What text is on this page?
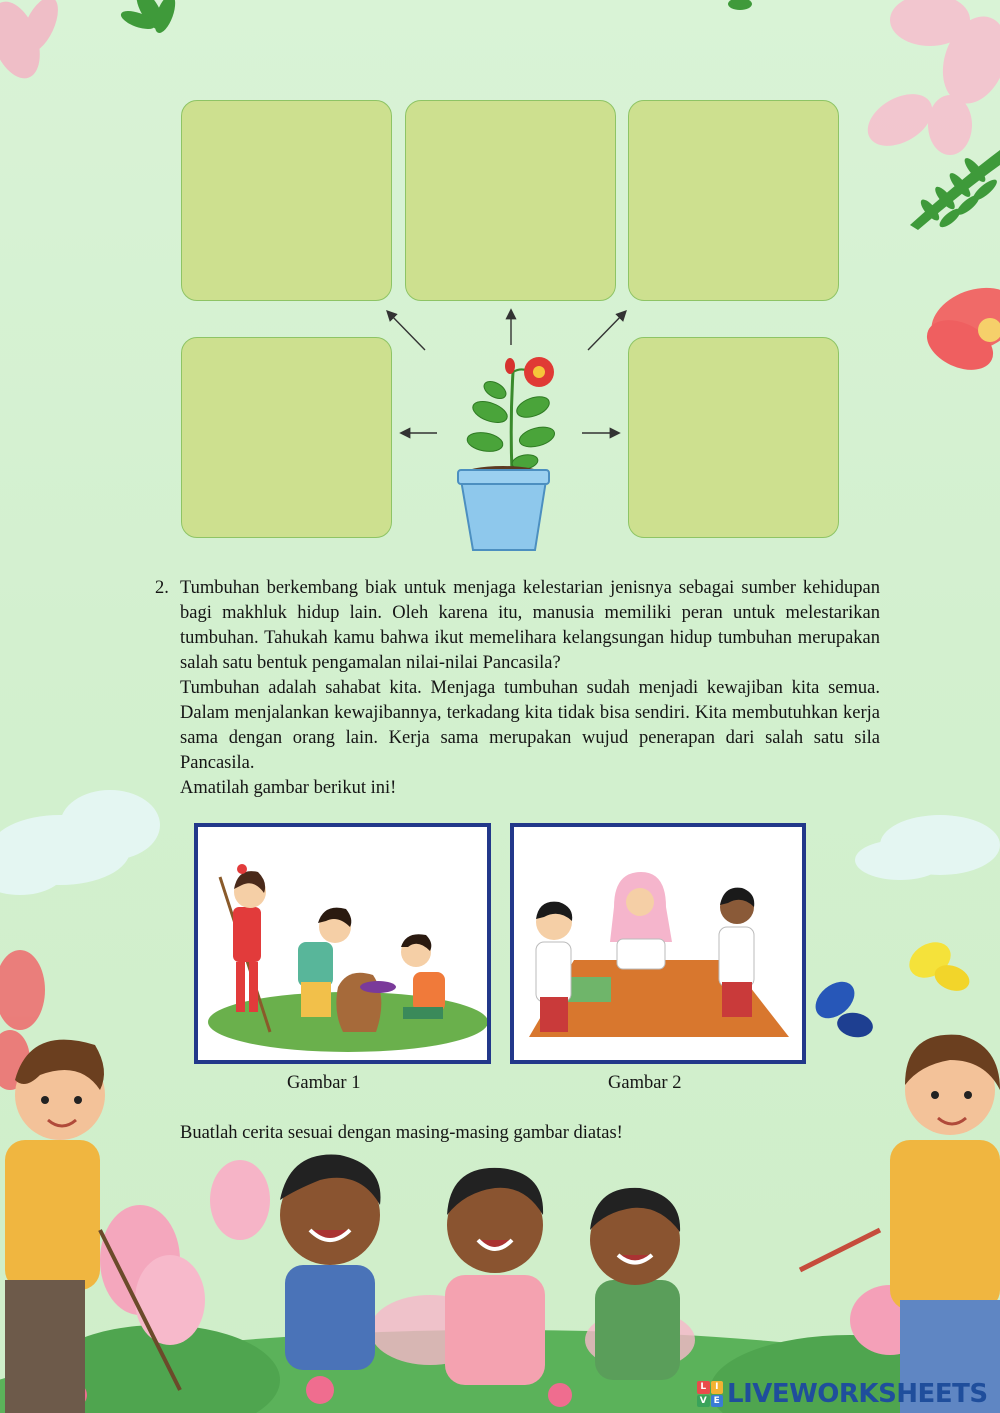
2. Tumbuhan berkembang biak untuk menjaga kelestarian jenisnya sebagai sumber kehidupan bagi makhluk hidup lain. Oleh karena itu, manusia memiliki peran untuk melestarikan tumbuhan. Tahukah kamu bahwa ikut memelihara kelangsungan hidup tumbuhan merupakan salah satu bentuk pengamalan nilai-nilai Pancasila?

Tumbuhan adalah sahabat kita. Menjaga tumbuhan sudah menjadi kewajiban kita semua. Dalam menjalankan kewajibannya, terkadang kita tidak bisa sendiri. Kita membutuhkan kerja sama dengan orang lain. Kerja sama merupakan wujud penerapan dari salah satu sila Pancasila.

Amatilah gambar berikut ini!

Gambar 1	Gambar 2
Buatlah cerita sesuai dengan masing-masing gambar diatas!
L I
V E LIVEWORKSHEETS
